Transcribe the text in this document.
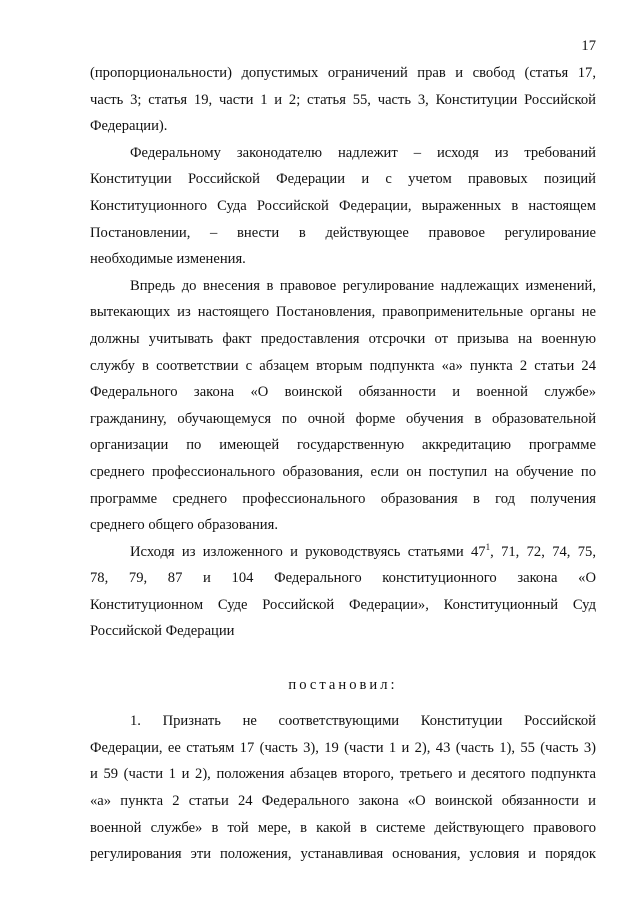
17
(пропорциональности) допустимых ограничений прав и свобод (статья 17,
часть 3; статья 19, части 1 и 2; статья 55, часть 3, Конституции Российской
Федерации).
Федеральному законодателю надлежит – исходя из требований
Конституции Российской Федерации и с учетом правовых позиций
Конституционного Суда Российской Федерации, выраженных в настоящем
Постановлении, – внести в действующее правовое регулирование
необходимые изменения.
Впредь до внесения в правовое регулирование надлежащих изменений,
вытекающих из настоящего Постановления, правоприменительные органы не
должны учитывать факт предоставления отсрочки от призыва на военную
службу в соответствии с абзацем вторым подпункта «а» пункта 2 статьи 24
Федерального закона «О воинской обязанности и военной службе»
гражданину, обучающемуся по очной форме обучения в образовательной
организации по имеющей государственную аккредитацию программе
среднего профессионального образования, если он поступил на обучение по
программе среднего профессионального образования в год получения
среднего общего образования.
Исходя из изложенного и руководствуясь статьями $47^1$, 71, 72, 74, 75,
78, 79, 87 и 104 Федерального конституционного закона «О
Конституционном Суде Российской Федерации», Конституционный Суд
Российской Федерации
постановил:
1. Признать не соответствующими Конституции Российской
Федерации, ее статьям 17 (часть 3), 19 (части 1 и 2), 43 (часть 1), 55 (часть 3)
и 59 (части 1 и 2), положения абзацев второго, третьего и десятого подпункта
«а» пункта 2 статьи 24 Федерального закона «О воинской обязанности и
военной службе» в той мере, в какой в системе действующего правового
регулирования эти положения, устанавливая основания, условия и порядок
